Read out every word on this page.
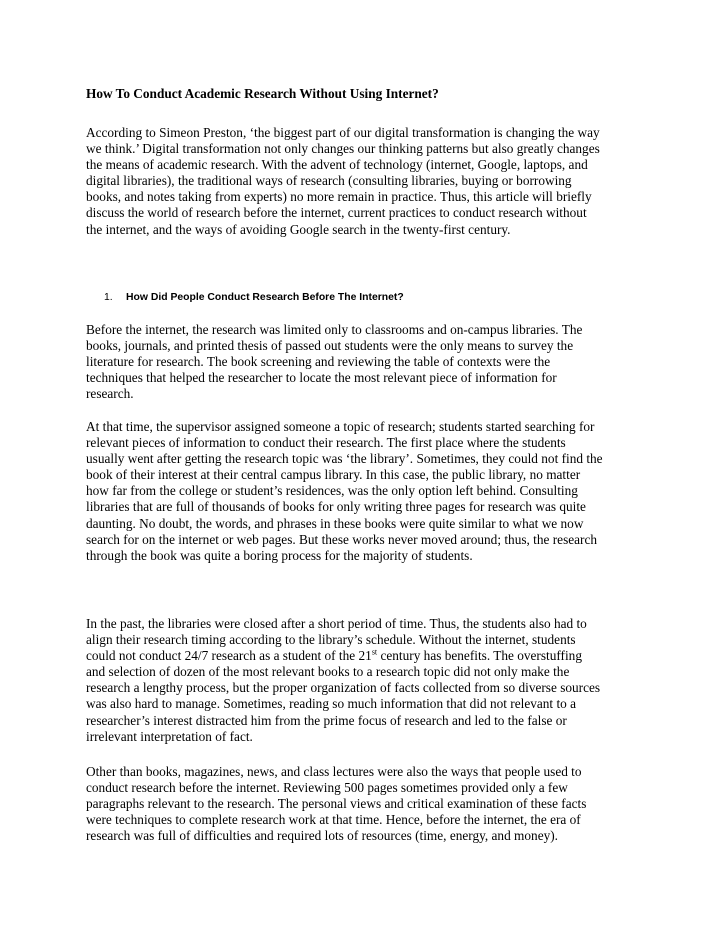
How To Conduct Academic Research Without Using Internet?

According to Simeon Preston, ‘the biggest part of our digital transformation is changing the way
we think.’ Digital transformation not only changes our thinking patterns but also greatly changes
the means of academic research. With the advent of technology (internet, Google, laptops, and
digital libraries), the traditional ways of research (consulting libraries, buying or borrowing
books, and notes taking from experts) no more remain in practice. Thus, this article will briefly
discuss the world of research before the internet, current practices to conduct research without
the internet, and the ways of avoiding Google search in the twenty-first century.

1. How Did People Conduct Research Before The Internet?

Before the internet, the research was limited only to classrooms and on-campus libraries. The
books, journals, and printed thesis of passed out students were the only means to survey the
literature for research. The book screening and reviewing the table of contexts were the
techniques that helped the researcher to locate the most relevant piece of information for
research.

At that time, the supervisor assigned someone a topic of research; students started searching for
relevant pieces of information to conduct their research. The first place where the students
usually went after getting the research topic was ‘the library’. Sometimes, they could not find the
book of their interest at their central campus library. In this case, the public library, no matter
how far from the college or student’s residences, was the only option left behind. Consulting
libraries that are full of thousands of books for only writing three pages for research was quite
daunting. No doubt, the words, and phrases in these books were quite similar to what we now
search for on the internet or web pages. But these works never moved around; thus, the research
through the book was quite a boring process for the majority of students.

In the past, the libraries were closed after a short period of time. Thus, the students also had to
align their research timing according to the library’s schedule. Without the internet, students
could not conduct 24/7 research as a student of the 21st century has benefits. The overstuffing
and selection of dozen of the most relevant books to a research topic did not only make the
research a lengthy process, but the proper organization of facts collected from so diverse sources
was also hard to manage. Sometimes, reading so much information that did not relevant to a
researcher’s interest distracted him from the prime focus of research and led to the false or
irrelevant interpretation of fact.

Other than books, magazines, news, and class lectures were also the ways that people used to
conduct research before the internet. Reviewing 500 pages sometimes provided only a few
paragraphs relevant to the research. The personal views and critical examination of these facts
were techniques to complete research work at that time. Hence, before the internet, the era of
research was full of difficulties and required lots of resources (time, energy, and money).
